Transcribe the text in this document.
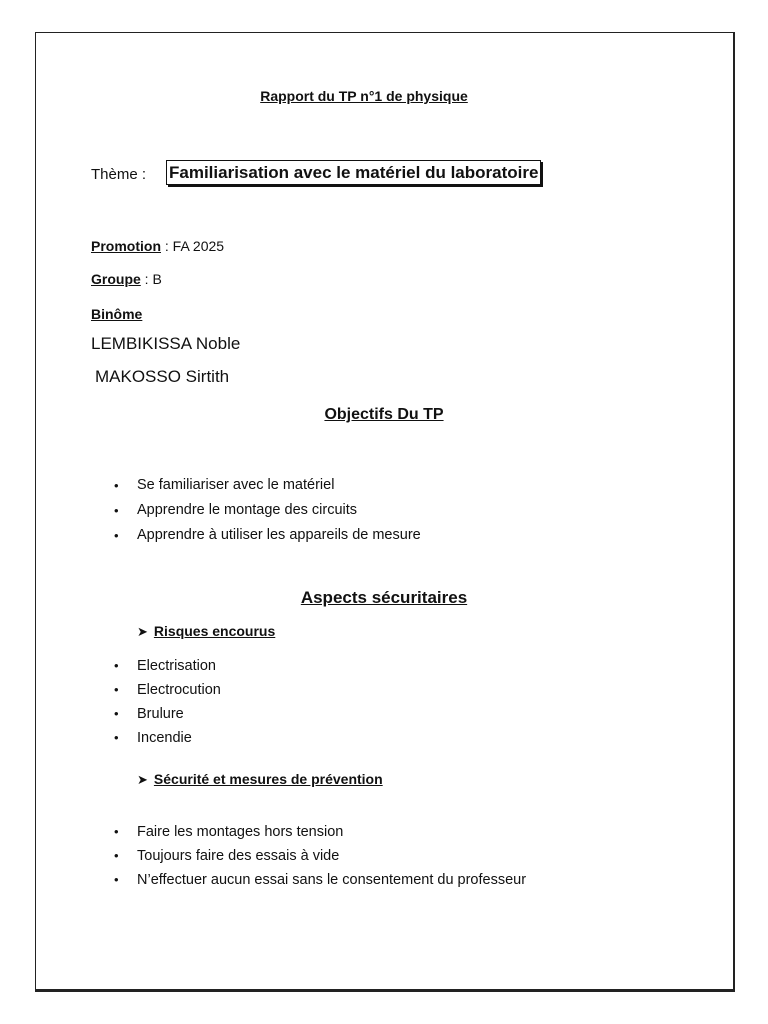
Rapport du TP n°1 de physique
Thème : Familiarisation avec le matériel du laboratoire
Promotion : FA 2025
Groupe : B
Binôme
LEMBIKISSA Noble
MAKOSSO Sirtith
Objectifs Du TP
• Se familiariser avec le matériel
• Apprendre le montage des circuits
• Apprendre à utiliser les appareils de mesure
Aspects sécuritaires
➤ Risques encourus
• Electrisation
• Electrocution
• Brulure
• Incendie
➤ Sécurité et mesures de prévention
• Faire les montages hors tension
• Toujours faire des essais à vide
• N’effectuer aucun essai sans le consentement du professeur
